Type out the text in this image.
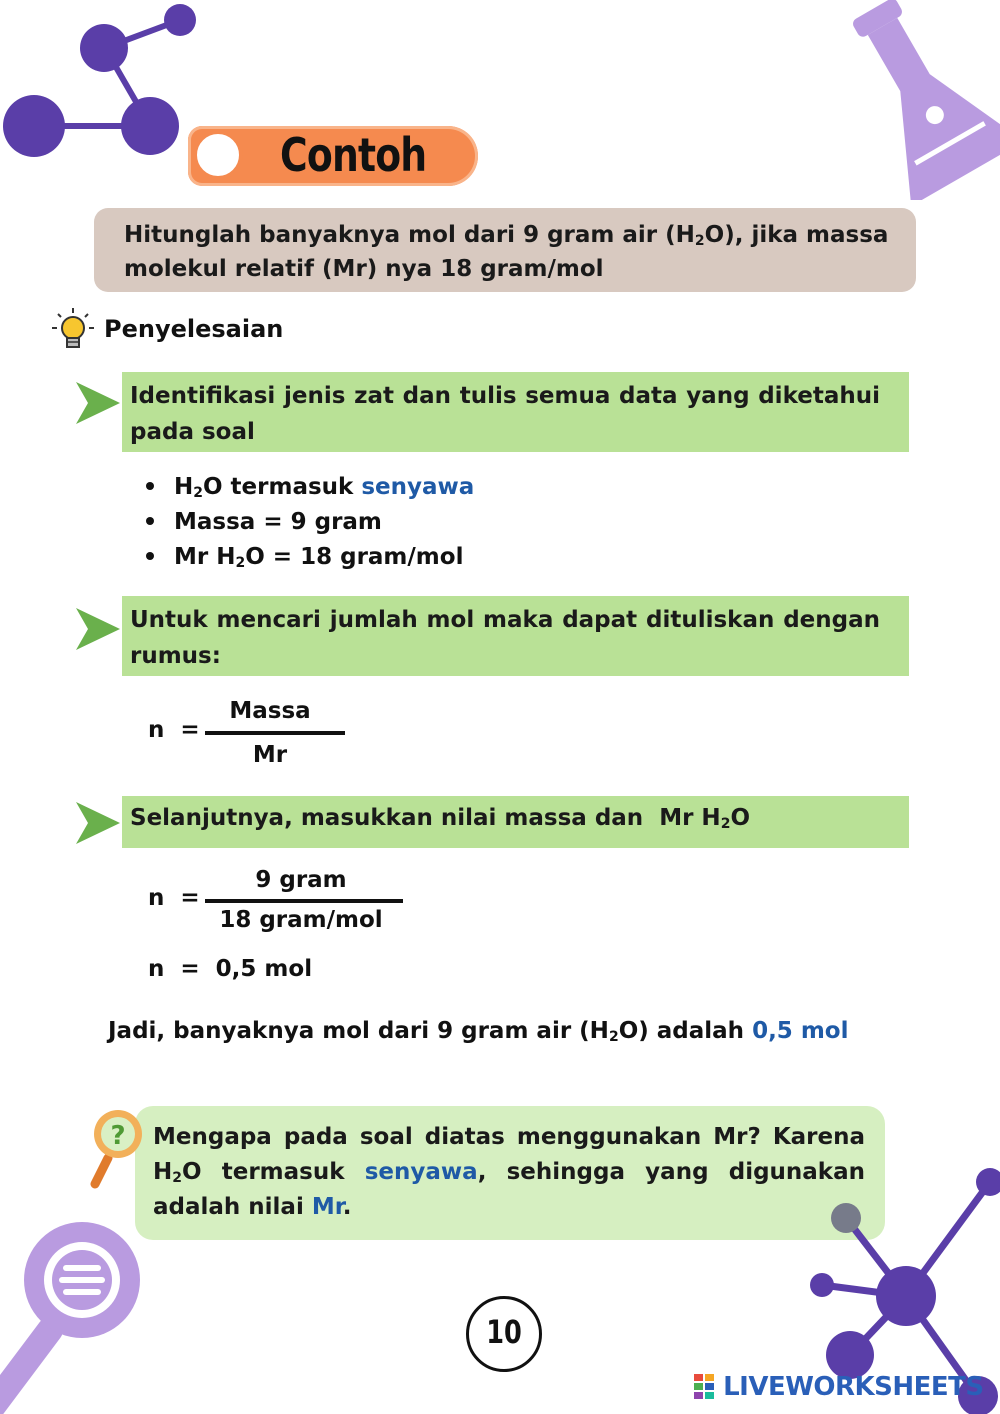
Contoh
Hitunglah banyaknya mol dari 9 gram air $(H_2O)$, jika massa molekul relatif (Mr) nya 18 gram/mol
Penyelesaian
Identifikasi jenis zat dan tulis semua data yang diketahui pada soal
$H_2O$ termasuk senyawa
Massa = 9 gram
Mr $H_2O = 18$ gram/mol
Untuk mencari jumlah mol maka dapat dituliskan dengan rumus:
n  =
Massa
Mr
Selanjutnya, masukkan nilai massa dan  Mr $H_2O$
n  =
9 gram
18 gram/mol
n  =  0,5 mol
Jadi, banyaknya mol dari 9 gram air $(H_2O)$ adalah 0,5 mol
Mengapa pada soal diatas menggunakan Mr? Karena $H_2O$ termasuk senyawa, sehingga yang digunakan adalah nilai Mr.
?
10
LIVEWORKSHEETS
